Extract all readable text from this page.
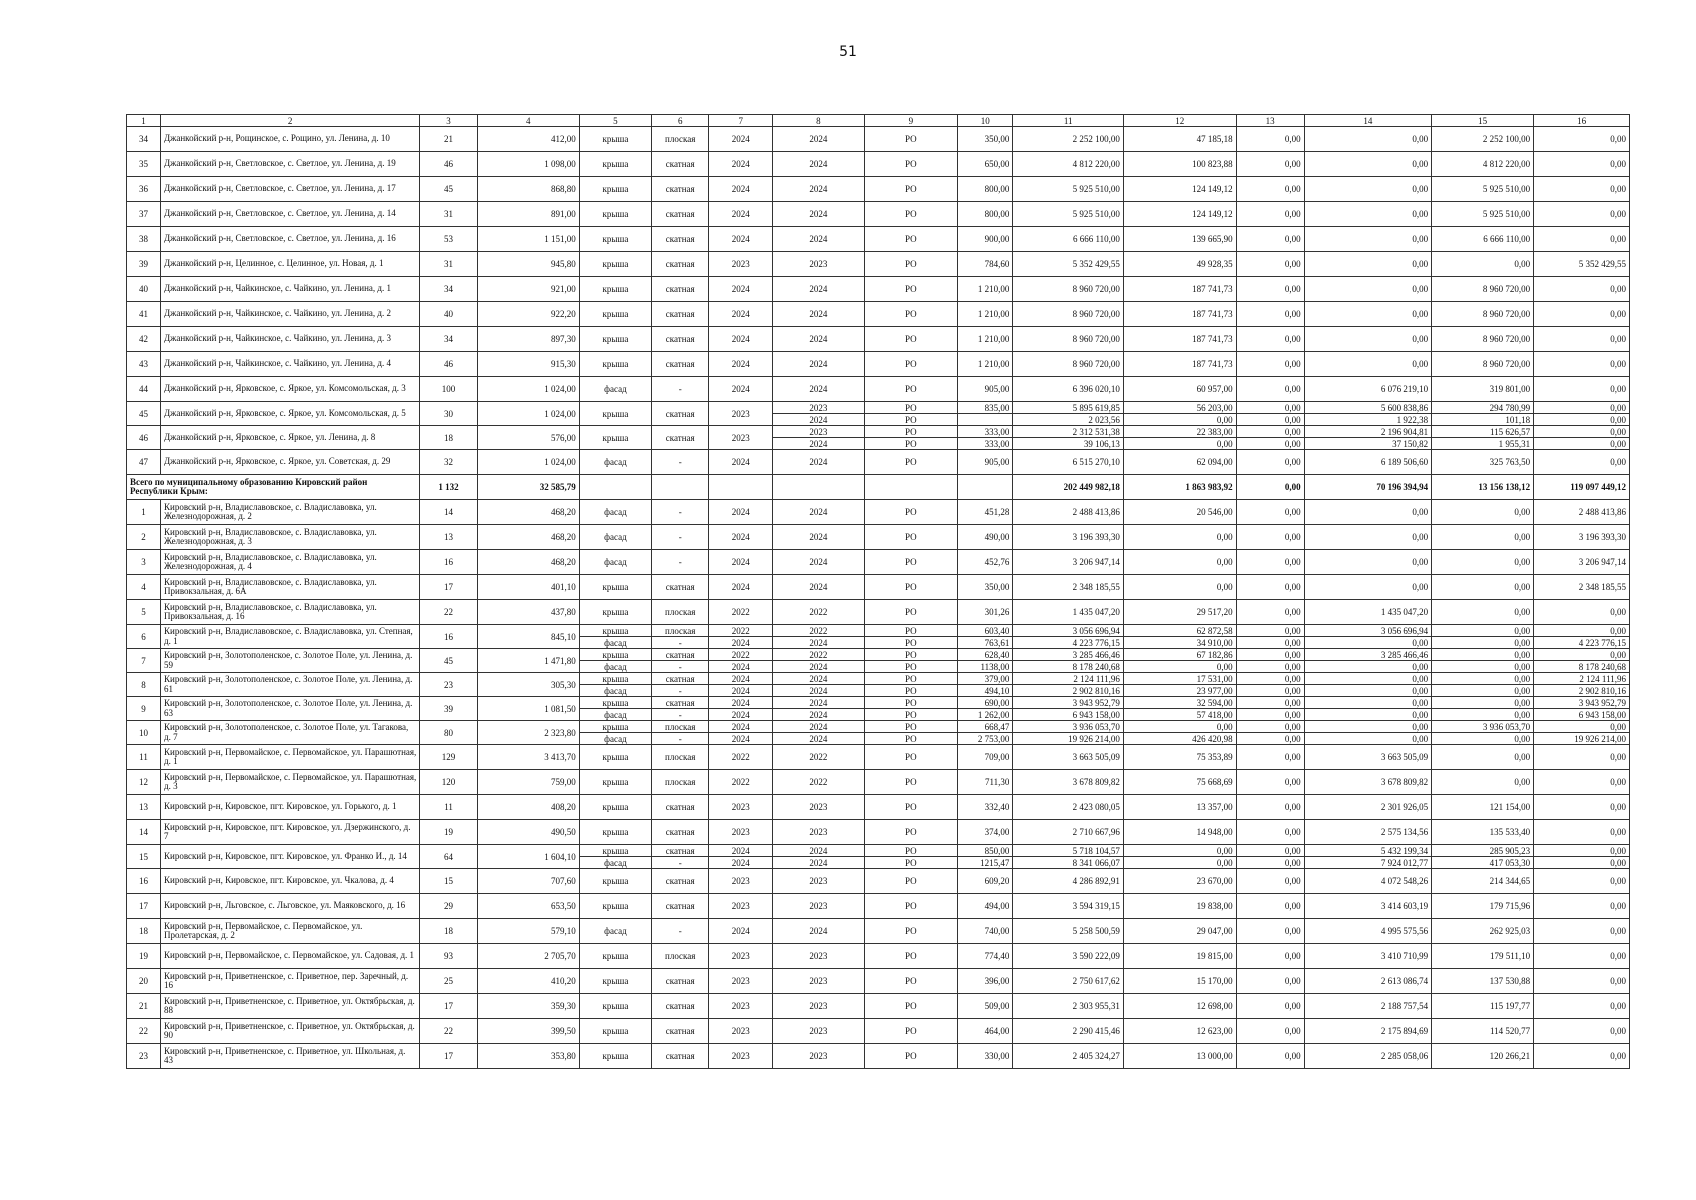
51
1	2	3	4	5	6	7	8	9	10	11	12	13	14	15	16
34	Джанкойский р-н, Рощинское, с. Рощино, ул. Ленина, д. 10	21	412,00	крыша	плоская	2024	2024	РО	350,00	2 252 100,00	47 185,18	0,00	0,00	2 252 100,00	0,00
35	Джанкойский р-н, Светловское, с. Светлое, ул. Ленина, д. 19	46	1 098,00	крыша	скатная	2024	2024	РО	650,00	4 812 220,00	100 823,88	0,00	0,00	4 812 220,00	0,00
36	Джанкойский р-н, Светловское, с. Светлое, ул. Ленина, д. 17	45	868,80	крыша	скатная	2024	2024	РО	800,00	5 925 510,00	124 149,12	0,00	0,00	5 925 510,00	0,00
37	Джанкойский р-н, Светловское, с. Светлое, ул. Ленина, д. 14	31	891,00	крыша	скатная	2024	2024	РО	800,00	5 925 510,00	124 149,12	0,00	0,00	5 925 510,00	0,00
38	Джанкойский р-н, Светловское, с. Светлое, ул. Ленина, д. 16	53	1 151,00	крыша	скатная	2024	2024	РО	900,00	6 666 110,00	139 665,90	0,00	0,00	6 666 110,00	0,00
39	Джанкойский р-н, Целинное, с. Целинное, ул. Новая, д. 1	31	945,80	крыша	скатная	2023	2023	РО	784,60	5 352 429,55	49 928,35	0,00	0,00	0,00	5 352 429,55
40	Джанкойский р-н, Чайкинское, с. Чайкино, ул. Ленина, д. 1	34	921,00	крыша	скатная	2024	2024	РО	1 210,00	8 960 720,00	187 741,73	0,00	0,00	8 960 720,00	0,00
41	Джанкойский р-н, Чайкинское, с. Чайкино, ул. Ленина, д. 2	40	922,20	крыша	скатная	2024	2024	РО	1 210,00	8 960 720,00	187 741,73	0,00	0,00	8 960 720,00	0,00
42	Джанкойский р-н, Чайкинское, с. Чайкино, ул. Ленина, д. 3	34	897,30	крыша	скатная	2024	2024	РО	1 210,00	8 960 720,00	187 741,73	0,00	0,00	8 960 720,00	0,00
43	Джанкойский р-н, Чайкинское, с. Чайкино, ул. Ленина, д. 4	46	915,30	крыша	скатная	2024	2024	РО	1 210,00	8 960 720,00	187 741,73	0,00	0,00	8 960 720,00	0,00
44	Джанкойский р-н, Ярковское, с. Яркое, ул. Комсомольская, д. 3	100	1 024,00	фасад	-	2024	2024	РО	905,00	6 396 020,10	60 957,00	0,00	6 076 219,10	319 801,00	0,00
45	Джанкойский р-н, Ярковское, с. Яркое, ул. Комсомольская, д. 5	30	1 024,00	крыша	скатная	2023	2023	РО	835,00	5 895 619,85	56 203,00	0,00	5 600 838,86	294 780,99	0,00
							2024	РО		2 023,56	0,00	0,00	1 922,38	101,18	0,00
46	Джанкойский р-н, Ярковское, с. Яркое, ул. Ленина, д. 8	18	576,00	крыша	скатная	2023	2023	РО	333,00	2 312 531,38	22 383,00	0,00	2 196 904,81	115 626,57	0,00
							2024	РО	333,00	39 106,13	0,00	0,00	37 150,82	1 955,31	0,00
47	Джанкойский р-н, Ярковское, с. Яркое, ул. Советская, д. 29	32	1 024,00	фасад	-	2024	2024	РО	905,00	6 515 270,10	62 094,00	0,00	6 189 506,60	325 763,50	0,00
Всего по муниципальному образованию Кировский район Республики Крым:		1 132	32 585,79							202 449 982,18	1 863 983,92	0,00	70 196 394,94	13 156 138,12	119 097 449,12
1	Кировский р-н, Владиславовское, с. Владиславовка, ул. Железнодорожная, д. 2	14	468,20	фасад	-	2024	2024	РО	451,28	2 488 413,86	20 546,00	0,00	0,00	0,00	2 488 413,86
2	Кировский р-н, Владиславовское, с. Владиславовка, ул. Железнодорожная, д. 3	13	468,20	фасад	-	2024	2024	РО	490,00	3 196 393,30	0,00	0,00	0,00	0,00	3 196 393,30
3	Кировский р-н, Владиславовское, с. Владиславовка, ул. Железнодорожная, д. 4	16	468,20	фасад	-	2024	2024	РО	452,76	3 206 947,14	0,00	0,00	0,00	0,00	3 206 947,14
4	Кировский р-н, Владиславовское, с. Владиславовка, ул. Привокзальная, д. 6А	17	401,10	крыша	скатная	2024	2024	РО	350,00	2 348 185,55	0,00	0,00	0,00	0,00	2 348 185,55
5	Кировский р-н, Владиславовское, с. Владиславовка, ул. Привокзальная, д. 16	22	437,80	крыша	плоская	2022	2022	РО	301,26	1 435 047,20	29 517,20	0,00	1 435 047,20	0,00	0,00
6	Кировский р-н, Владиславовское, с. Владиславовка, ул. Степная, д. 1	16	845,10	крыша	плоская	2022	2022	РО	603,40	3 056 696,94	62 872,58	0,00	3 056 696,94	0,00	0,00
				фасад	-	2024	2024	РО	763,61	4 223 776,15	34 910,00	0,00	0,00	0,00	4 223 776,15
7	Кировский р-н, Золотополенское, с. Золотое Поле, ул. Ленина, д. 59	45	1 471,80	крыша	скатная	2022	2022	РО	628,40	3 285 466,46	67 182,86	0,00	3 285 466,46	0,00	0,00
				фасад	-	2024	2024	РО	1138,00	8 178 240,68	0,00	0,00	0,00	0,00	8 178 240,68
8	Кировский р-н, Золотополенское, с. Золотое Поле, ул. Ленина, д. 61	23	305,30	крыша	скатная	2024	2024	РО	379,00	2 124 111,96	17 531,00	0,00	0,00	0,00	2 124 111,96
				фасад	-	2024	2024	РО	494,10	2 902 810,16	23 977,00	0,00	0,00	0,00	2 902 810,16
9	Кировский р-н, Золотополенское, с. Золотое Поле, ул. Ленина, д. 63	39	1 081,50	крыша	скатная	2024	2024	РО	690,00	3 943 952,79	32 594,00	0,00	0,00	0,00	3 943 952,79
				фасад	-	2024	2024	РО	1 262,00	6 943 158,00	57 418,00	0,00	0,00	0,00	6 943 158,00
10	Кировский р-н, Золотополенское, с. Золотое Поле, ул. Тагакова, д. 7	80	2 323,80	крыша	плоская	2024	2024	РО	668,47	3 936 053,70	0,00	0,00	0,00	3 936 053,70	0,00
				фасад	-	2024	2024	РО	2 753,00	19 926 214,00	426 420,98	0,00	0,00	0,00	19 926 214,00
11	Кировский р-н, Первомайское, с. Первомайское, ул. Парашютная, д. 1	129	3 413,70	крыша	плоская	2022	2022	РО	709,00	3 663 505,09	75 353,89	0,00	3 663 505,09	0,00	0,00
12	Кировский р-н, Первомайское, с. Первомайское, ул. Парашютная, д. 3	120	759,00	крыша	плоская	2022	2022	РО	711,30	3 678 809,82	75 668,69	0,00	3 678 809,82	0,00	0,00
13	Кировский р-н, Кировское, пгт. Кировское, ул. Горького, д. 1	11	408,20	крыша	скатная	2023	2023	РО	332,40	2 423 080,05	13 357,00	0,00	2 301 926,05	121 154,00	0,00
14	Кировский р-н, Кировское, пгт. Кировское, ул. Дзержинского, д. 7	19	490,50	крыша	скатная	2023	2023	РО	374,00	2 710 667,96	14 948,00	0,00	2 575 134,56	135 533,40	0,00
15	Кировский р-н, Кировское, пгт. Кировское, ул. Франко И., д. 14	64	1 604,10	крыша	скатная	2024	2024	РО	850,00	5 718 104,57	0,00	0,00	5 432 199,34	285 905,23	0,00
				фасад	-	2024	2024	РО	1215,47	8 341 066,07	0,00	0,00	7 924 012,77	417 053,30	0,00
16	Кировский р-н, Кировское, пгт. Кировское, ул. Чкалова, д. 4	15	707,60	крыша	скатная	2023	2023	РО	609,20	4 286 892,91	23 670,00	0,00	4 072 548,26	214 344,65	0,00
17	Кировский р-н, Льговское, с. Льговское, ул. Маяковского, д. 16	29	653,50	крыша	скатная	2023	2023	РО	494,00	3 594 319,15	19 838,00	0,00	3 414 603,19	179 715,96	0,00
18	Кировский р-н, Первомайское, с. Первомайское, ул. Пролетарская, д. 2	18	579,10	фасад	-	2024	2024	РО	740,00	5 258 500,59	29 047,00	0,00	4 995 575,56	262 925,03	0,00
19	Кировский р-н, Первомайское, с. Первомайское, ул. Садовая, д. 1	93	2 705,70	крыша	плоская	2023	2023	РО	774,40	3 590 222,09	19 815,00	0,00	3 410 710,99	179 511,10	0,00
20	Кировский р-н, Приветненское, с. Приветное, пер. Заречный, д. 16	25	410,20	крыша	скатная	2023	2023	РО	396,00	2 750 617,62	15 170,00	0,00	2 613 086,74	137 530,88	0,00
21	Кировский р-н, Приветненское, с. Приветное, ул. Октябрьская, д. 88	17	359,30	крыша	скатная	2023	2023	РО	509,00	2 303 955,31	12 698,00	0,00	2 188 757,54	115 197,77	0,00
22	Кировский р-н, Приветненское, с. Приветное, ул. Октябрьская, д. 90	22	399,50	крыша	скатная	2023	2023	РО	464,00	2 290 415,46	12 623,00	0,00	2 175 894,69	114 520,77	0,00
23	Кировский р-н, Приветненское, с. Приветное, ул. Школьная, д. 43	17	353,80	крыша	скатная	2023	2023	РО	330,00	2 405 324,27	13 000,00	0,00	2 285 058,06	120 266,21	0,00
